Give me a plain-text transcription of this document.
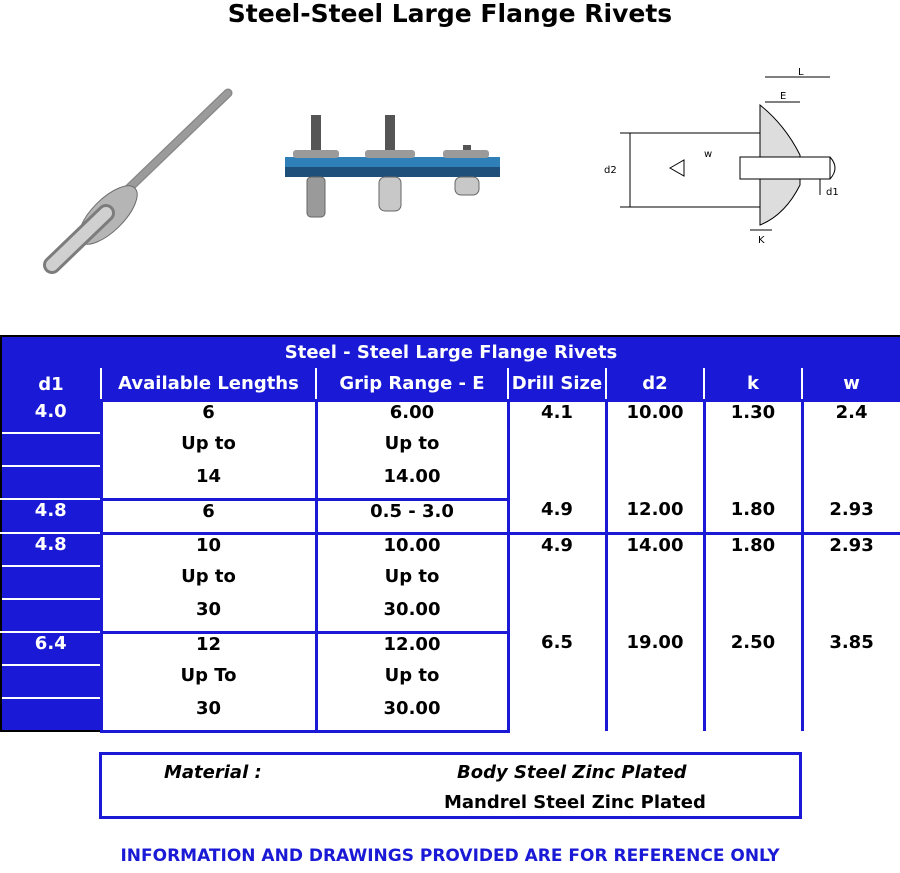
Steel-Steel Large Flange Rivets
L
E
d2
w
d1
K
Steel - Steel Large Flange Rivets						
d1	Available Lengths	Grip Range - E	Drill Size	d2	k	w
4.0	6	6.00	4.1	10.00	1.30	2.4
	Up to	Up to				
	14	14.00				
4.8	6	0.5 - 3.0	4.9	12.00	1.80	2.93
4.8	10	10.00	4.9	14.00	1.80	2.93
	Up to	Up to				
	30	30.00				
6.4	12	12.00	6.5	19.00	2.50	3.85
	Up To	Up to				
	30	30.00				
Material :	Body Steel Zinc Plated
Mandrel Steel Zinc Plated
INFORMATION AND DRAWINGS PROVIDED ARE FOR REFERENCE ONLY
